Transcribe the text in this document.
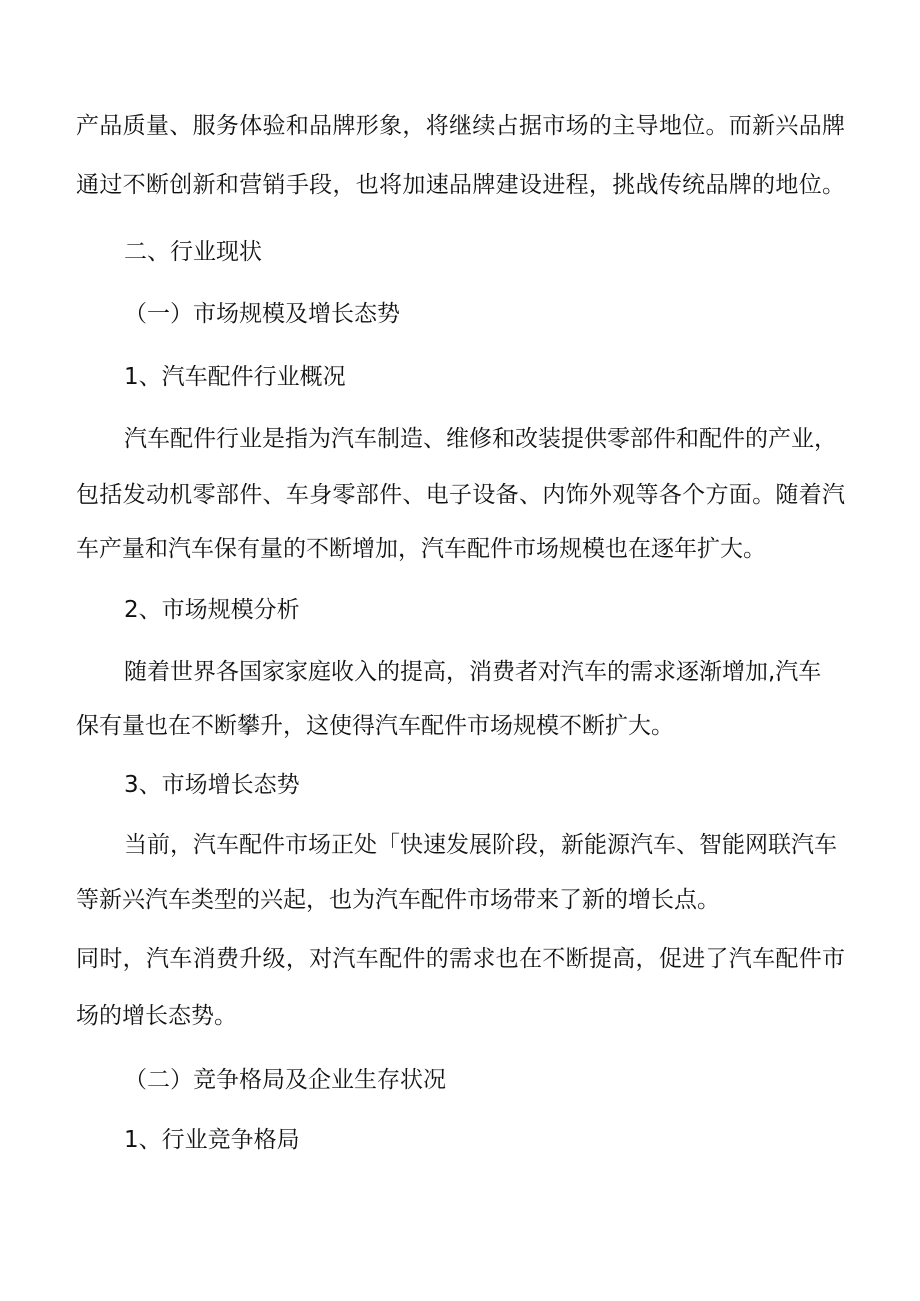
产品质量、服务体验和品牌形象，将继续占据市场的主导地位。而新兴品牌

通过不断创新和营销手段，也将加速品牌建设进程，挑战传统品牌的地位。

二、行业现状

（一）市场规模及增长态势

1、汽车配件行业概况

汽车配件行业是指为汽车制造、维修和改装提供零部件和配件的产业，

包括发动机零部件、车身零部件、电子设备、内饰外观等各个方面。随着汽

车产量和汽车保有量的不断增加，汽车配件市场规模也在逐年扩大。

2、市场规模分析

随着世界各国家家庭收入的提高，消费者对汽车的需求逐渐增加,汽车

保有量也在不断攀升，这使得汽车配件市场规模不断扩大。

3、市场增长态势

当前，汽车配件市场正处「快速发展阶段，新能源汽车、智能网联汽车

等新兴汽车类型的兴起，也为汽车配件市场带来了新的增长点。

同时，汽车消费升级，对汽车配件的需求也在不断提高，促进了汽车配件市

场的增长态势。

（二）竞争格局及企业生存状况

1、行业竞争格局
